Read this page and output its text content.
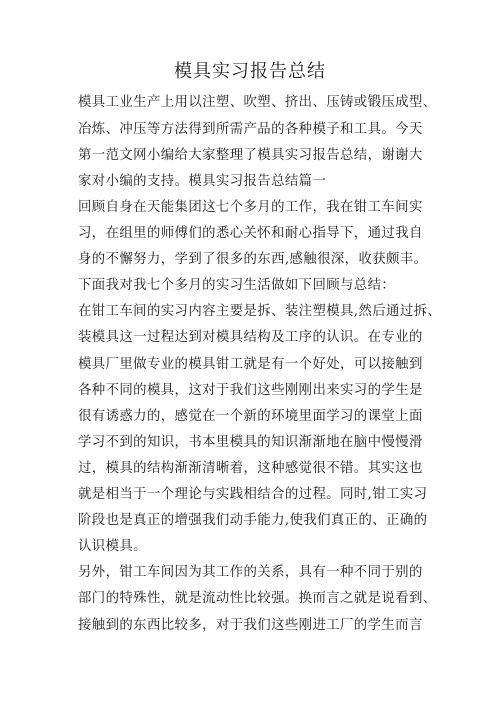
模具实习报告总结
模具工业生产上用以注塑、吹塑、挤出、压铸或锻压成型、
冶炼、冲压等方法得到所需产品的各种模子和工具。今天
第一范文网小编给大家整理了模具实习报告总结，谢谢大
家对小编的支持。模具实习报告总结篇一
回顾自身在天能集团这七个多月的工作，我在钳工车间实
习，在组里的师傅们的悉心关怀和耐心指导下，通过我自
身的不懈努力，学到了很多的东西,感触很深，收获颇丰。
下面我对我七个多月的实习生活做如下回顾与总结：
在钳工车间的实习内容主要是拆、装注塑模具,然后通过拆、
装模具这一过程达到对模具结构及工序的认识。在专业的
模具厂里做专业的模具钳工就是有一个好处，可以接触到
各种不同的模具，这对于我们这些刚刚出来实习的学生是
很有诱惑力的，感觉在一个新的环境里面学习的课堂上面
学习不到的知识，书本里模具的知识渐渐地在脑中慢慢滑
过，模具的结构渐渐清晰着，这种感觉很不错。其实这也
就是相当于一个理论与实践相结合的过程。同时,钳工实习
阶段也是真正的增强我们动手能力,使我们真正的、正确的
认识模具。
另外，钳工车间因为其工作的关系，具有一种不同于别的
部门的特殊性，就是流动性比较强。换而言之就是说看到、
接触到的东西比较多，对于我们这些刚进工厂的学生而言
